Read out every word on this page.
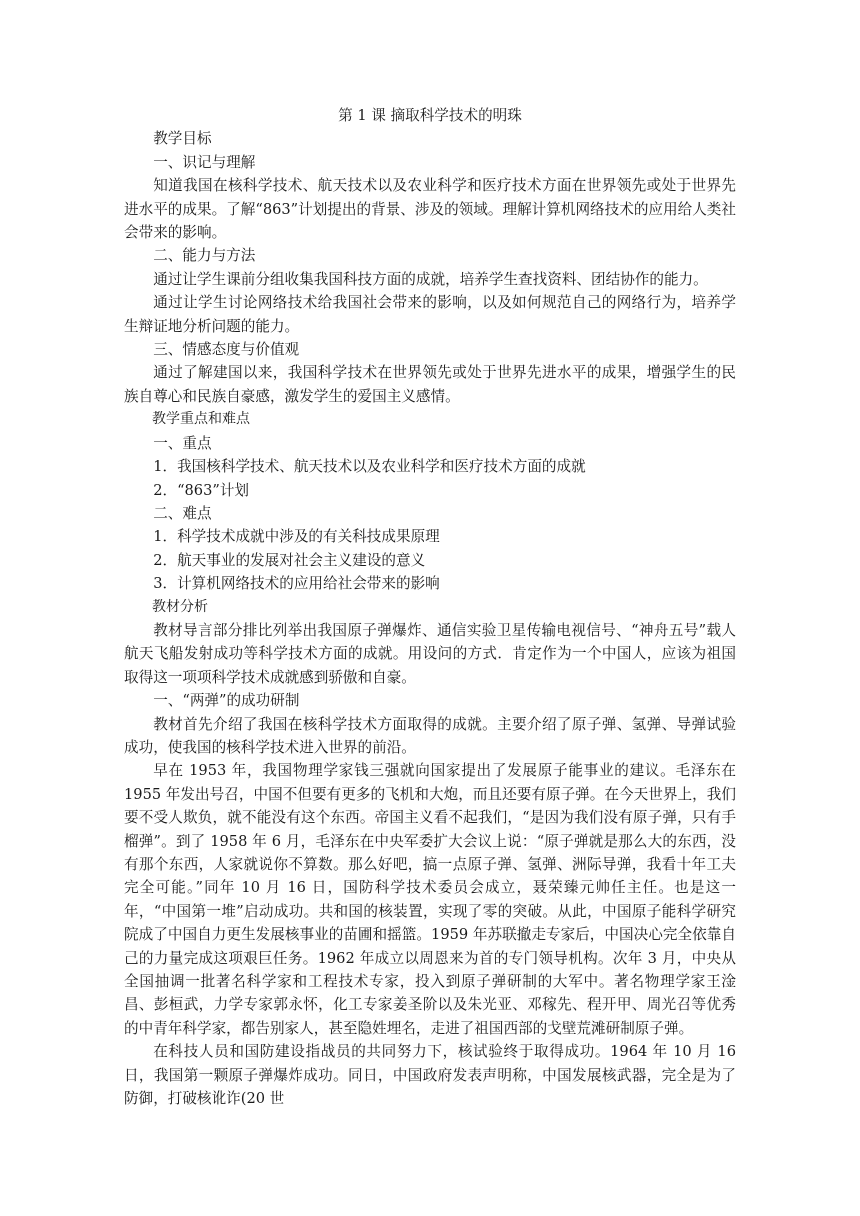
第 1 课 摘取科学技术的明珠

教学目标

一、识记与理解

知道我国在核科学技术、航天技术以及农业科学和医疗技术方面在世界领先或处于世界先进水平的成果。了解“863”计划提出的背景、涉及的领域。理解计算机网络技术的应用给人类社会带来的影响。

二、能力与方法

通过让学生课前分组收集我国科技方面的成就，培养学生查找资料、团结协作的能力。

通过让学生讨论网络技术给我国社会带来的影响，以及如何规范自己的网络行为，培养学生辩证地分析问题的能力。

三、情感态度与价值观

通过了解建国以来，我国科学技术在世界领先或处于世界先进水平的成果，增强学生的民族自尊心和民族自豪感，激发学生的爱国主义感情。

教学重点和难点

一、重点

1．我国核科学技术、航天技术以及农业科学和医疗技术方面的成就

2．“863”计划

二、难点

1．科学技术成就中涉及的有关科技成果原理

2．航天事业的发展对社会主义建设的意义

3．计算机网络技术的应用给社会带来的影响

教材分析

教材导言部分排比列举出我国原子弹爆炸、通信实验卫星传输电视信号、“神舟五号”载人航天飞船发射成功等科学技术方面的成就。用设问的方式．肯定作为一个中国人，应该为祖国取得这一项项科学技术成就感到骄傲和自豪。

一、“两弹”的成功研制

教材首先介绍了我国在核科学技术方面取得的成就。主要介绍了原子弹、氢弹、导弹试验成功，使我国的核科学技术进入世界的前沿。

早在 1953 年，我国物理学家钱三强就向国家提出了发展原子能事业的建议。毛泽东在 1955 年发出号召，中国不但要有更多的飞机和大炮，而且还要有原子弹。在今天世界上，我们要不受人欺负，就不能没有这个东西。帝国主义看不起我们，“是因为我们没有原子弹，只有手榴弹”。到了 1958 年 6 月，毛泽东在中央军委扩大会议上说：“原子弹就是那么大的东西，没有那个东西，人家就说你不算数。那么好吧，搞一点原子弹、氢弹、洲际导弹，我看十年工夫完全可能。”同年 10 月 16 日，国防科学技术委员会成立，聂荣臻元帅任主任。也是这一年，“中国第一堆”启动成功。共和国的核装置，实现了零的突破。从此，中国原子能科学研究院成了中国自力更生发展核事业的苗圃和摇篮。1959 年苏联撤走专家后，中国决心完全依靠自己的力量完成这项艰巨任务。1962 年成立以周恩来为首的专门领导机构。次年 3 月，中央从全国抽调一批著名科学家和工程技术专家，投入到原子弹研制的大军中。著名物理学家王淦昌、彭桓武，力学专家郭永怀，化工专家姜圣阶以及朱光亚、邓稼先、程开甲、周光召等优秀的中青年科学家，都告别家人，甚至隐姓埋名，走进了祖国西部的戈壁荒滩研制原子弹。

在科技人员和国防建设指战员的共同努力下，核试验终于取得成功。1964 年 10 月 16 日，我国第一颗原子弹爆炸成功。同日，中国政府发表声明称，中国发展核武器，完全是为了防御，打破核讹诈(20 世
